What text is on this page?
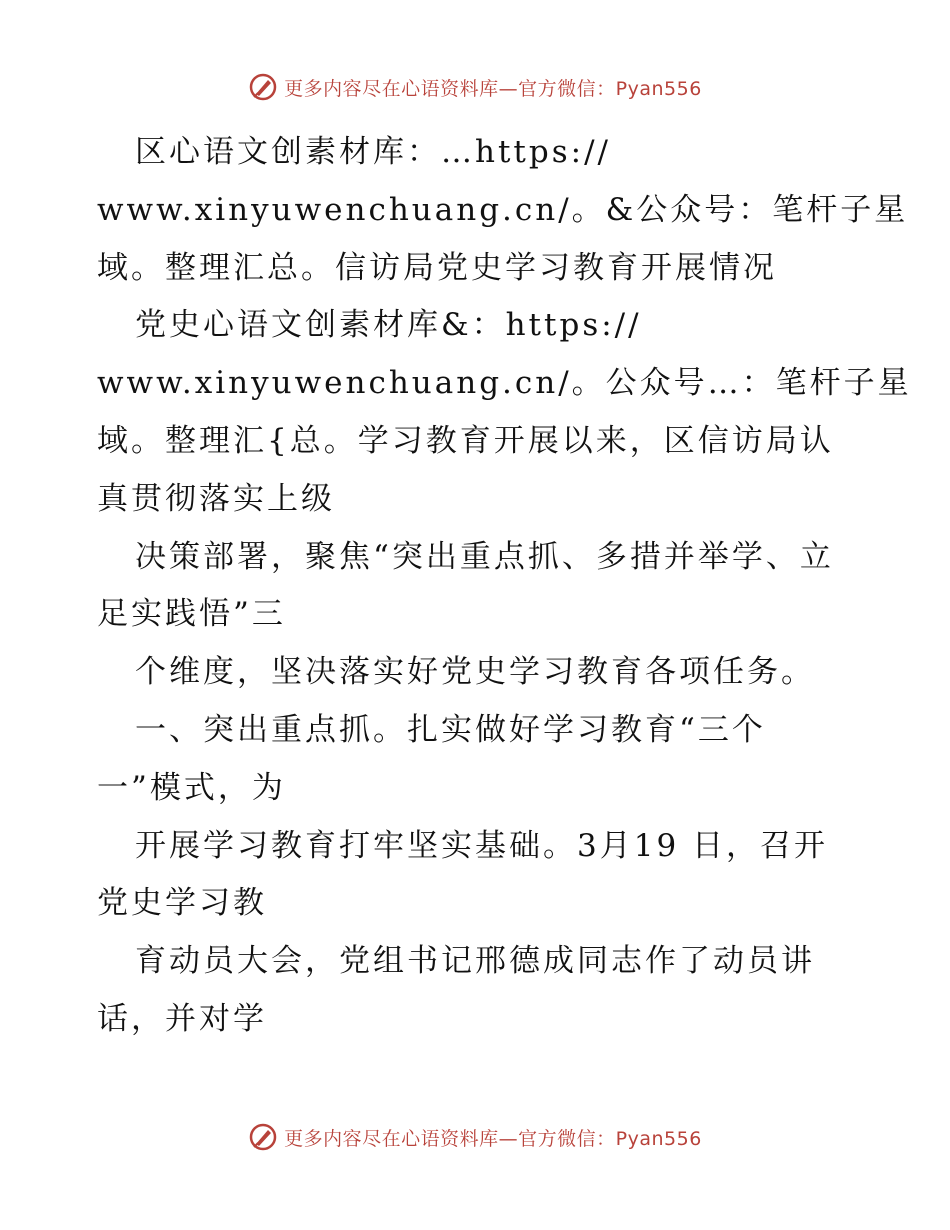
更多内容尽在心语资料库—官方微信：Pyan556
区心语文创素材库：…https://
www.xinyuwenchuang.cn/。&公众号：笔杆子星
域。整理汇总。信访局党史学习教育开展情况
党史心语文创素材库&：https://
www.xinyuwenchuang.cn/。公众号…：笔杆子星
域。整理汇{总。学习教育开展以来，区信访局认
真贯彻落实上级
决策部署，聚焦“突出重点抓、多措并举学、立
足实践悟”三
个维度，坚决落实好党史学习教育各项任务。
一、突出重点抓。扎实做好学习教育“三个
一”模式，为
开展学习教育打牢坚实基础。3月19 日，召开
党史学习教
育动员大会，党组书记邢德成同志作了动员讲
话，并对学
更多内容尽在心语资料库—官方微信：Pyan556
